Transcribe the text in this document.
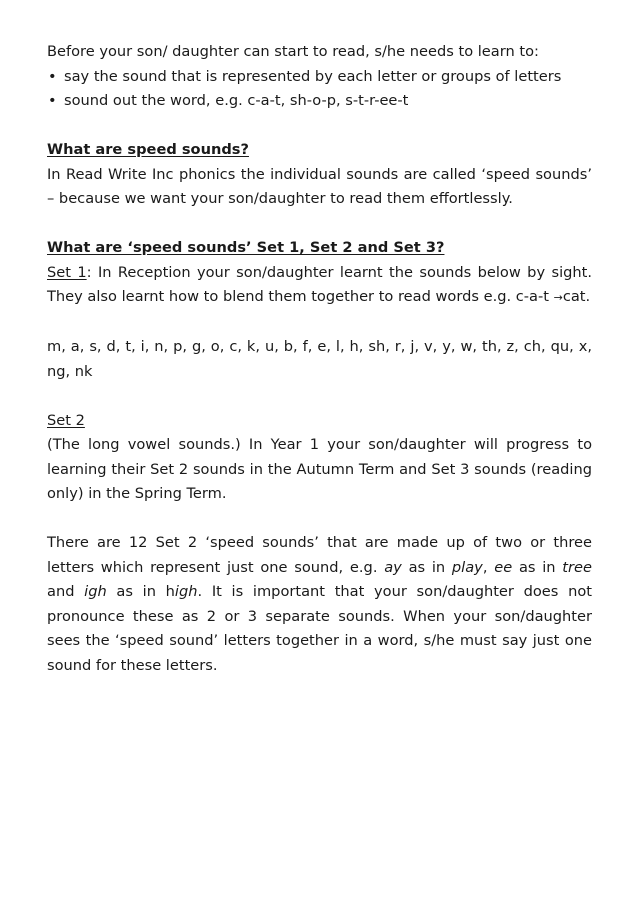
Before your son/ daughter can start to read, s/he needs to learn to:

• say the sound that is represented by each letter or groups of letters
• sound out the word, e.g. c-a-t, sh-o-p, s-t-r-ee-t

What are speed sounds?

In Read Write Inc phonics the individual sounds are called ‘speed sounds’ – because we want your son/daughter to read them effortlessly.

What are ‘speed sounds’ Set 1, Set 2 and Set 3?

Set 1: In Reception your son/daughter learnt the sounds below by sight. They also learnt how to blend them together to read words e.g. c-a-t →cat.

m, a, s, d, t, i, n, p, g, o, c, k, u, b, f, e, l, h, sh, r, j, v, y, w, th, z, ch, qu, x, ng, nk

Set 2

(The long vowel sounds.) In Year 1 your son/daughter will progress to learning their Set 2 sounds in the Autumn Term and Set 3 sounds (reading only) in the Spring Term.

There are 12 Set 2 ‘speed sounds’ that are made up of two or three letters which represent just one sound, e.g. ay as in play, ee as in tree and igh as in high. It is important that your son/daughter does not pronounce these as 2 or 3 separate sounds. When your son/daughter sees the ‘speed sound’ letters together in a word, s/he must say just one sound for these letters.
